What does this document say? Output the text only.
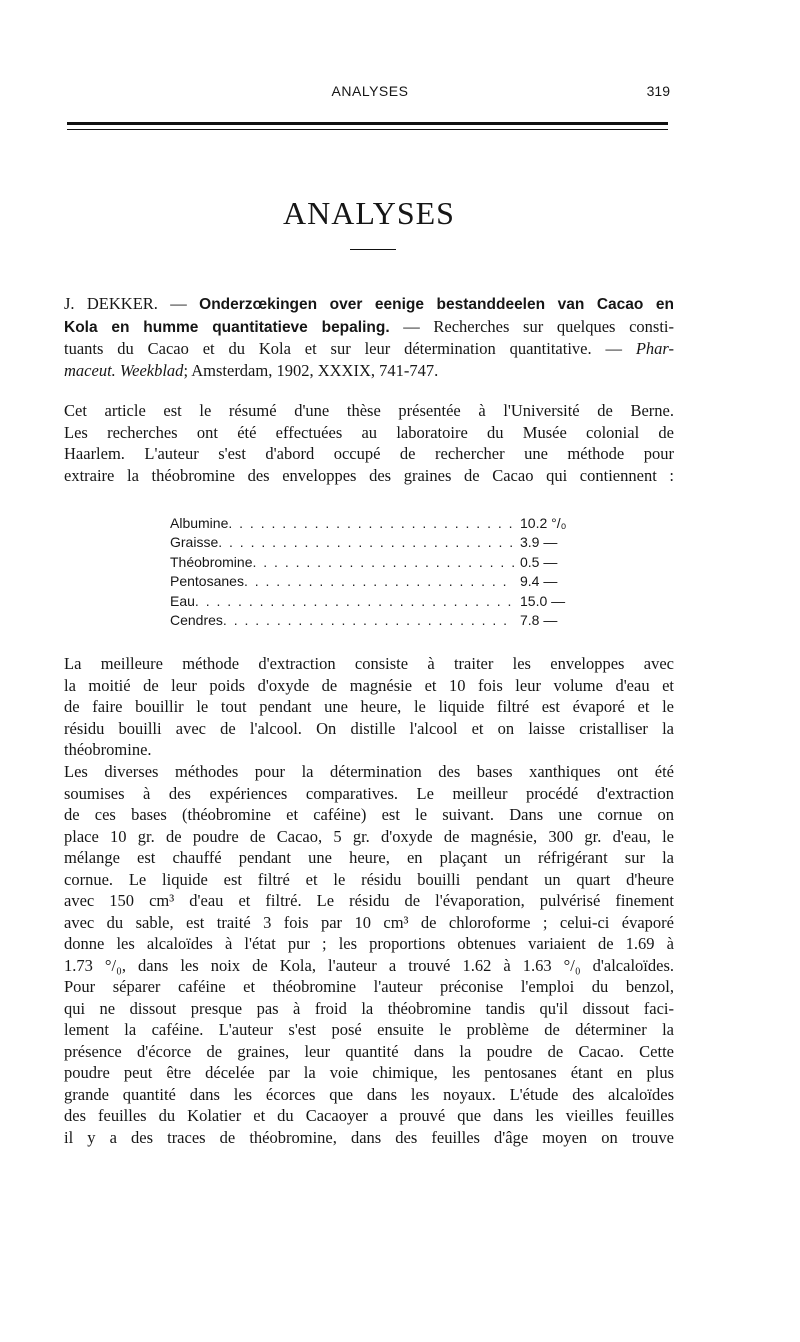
ANALYSES	319
ANALYSES
J. DEKKER. — Onderzœkingen over eenige bestanddeelen van Cacao en
Kola en humme quantitatieve bepaling. — Recherches sur quelques consti-
tuants du Cacao et du Kola et sur leur détermination quantitative. — Phar-
maceut. Weekblad; Amsterdam, 1902, XXXIX, 741-747.
Cet article est le résumé d'une thèse présentée à l'Université de Berne.
Les recherches ont été effectuées au laboratoire du Musée colonial de
Haarlem. L'auteur s'est d'abord occupé de rechercher une méthode pour
extraire la théobromine des enveloppes des graines de Cacao qui contiennent :
Albumine . . .	10.2 °/₀
Graisse . . .	3.9 —
Théobromine . . .	0.5 —
Pentosanes . . .	9.4 —
Eau . . .	15.0 —
Cendres . . .	7.8 —
La meilleure méthode d'extraction consiste à traiter les enveloppes avec
la moitié de leur poids d'oxyde de magnésie et 10 fois leur volume d'eau et
de faire bouillir le tout pendant une heure, le liquide filtré est évaporé et le
résidu bouilli avec de l'alcool. On distille l'alcool et on laisse cristalliser la
théobromine.
Les diverses méthodes pour la détermination des bases xanthiques ont été
soumises à des expériences comparatives. Le meilleur procédé d'extraction
de ces bases (théobromine et caféine) est le suivant. Dans une cornue on
place 10 gr. de poudre de Cacao, 5 gr. d'oxyde de magnésie, 300 gr. d'eau, le
mélange est chauffé pendant une heure, en plaçant un réfrigérant sur la
cornue. Le liquide est filtré et le résidu bouilli pendant un quart d'heure
avec 150 cm³ d'eau et filtré. Le résidu de l'évaporation, pulvérisé finement
avec du sable, est traité 3 fois par 10 cm³ de chloroforme ; celui-ci évaporé
donne les alcaloïdes à l'état pur ; les proportions obtenues variaient de 1.69 à
1.73 °/₀, dans les noix de Kola, l'auteur a trouvé 1.62 à 1.63 °/₀ d'alcaloïdes.
Pour séparer caféine et théobromine l'auteur préconise l'emploi du benzol,
qui ne dissout presque pas à froid la théobromine tandis qu'il dissout faci-
lement la caféine. L'auteur s'est posé ensuite le problème de déterminer la
présence d'écorce de graines, leur quantité dans la poudre de Cacao. Cette
poudre peut être décelée par la voie chimique, les pentosanes étant en plus
grande quantité dans les écorces que dans les noyaux. L'étude des alcaloïdes
des feuilles du Kolatier et du Cacaoyer a prouvé que dans les vieilles feuilles
il y a des traces de théobromine, dans des feuilles d'âge moyen on trouve
